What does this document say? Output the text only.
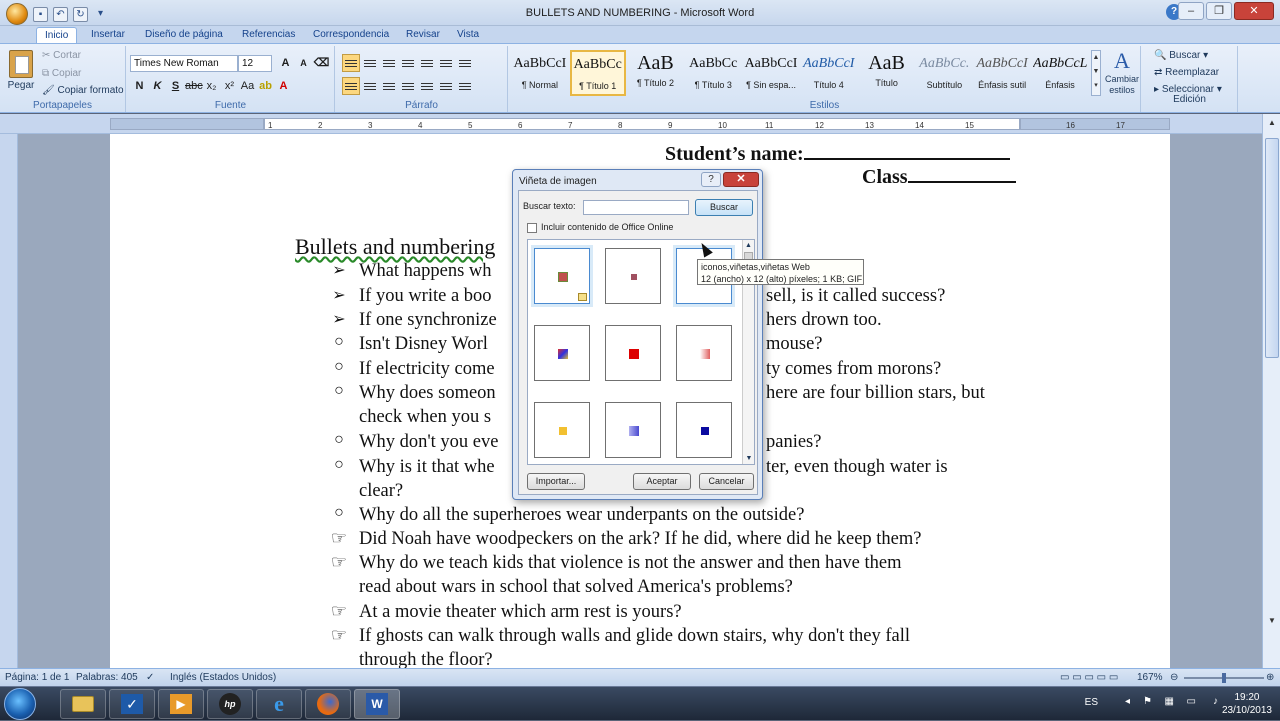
▪	↶	↻	▾	BULLETS AND NUMBERING - Microsoft Word	? –	❐	✕
Inicio	Insertar	Diseño de página	Referencias	Correspondencia	Revisar	Vista
Pegar
✂ Cortar
⧉ Copiar
🖌 Copiar formato
Portapapeles
Times New Roman	12	A	A ⌫
N K S abc x₂ x² Aa ab A
Fuente	Párrafo
AaBbCcI
¶ Normal
AaBbCc
¶ Título 1
AaB
¶ Título 2
AaBbCc
¶ Título 3
AaBbCcI
¶ Sin espa...
AaBbCcI
Título 4
AaB
Título
AaBbCc.
Subtítulo
AaBbCcI
Énfasis sutil
AaBbCcL
Énfasis
▲
▼
▾
A
Cambiar estilos
Estilos
🔍 Buscar ▾
⇄ Reemplazar
▸ Seleccionar ▾
Edición
1	2	3	4	5	6	7	8	9	10	11	12	13	14	15	16	17
Student’s name:
Class
Bullets and numbering
➢ What happens wh
➢ If you write a boo
➢ If one synchronize
○ Isn't Disney Worl
○ If electricity come
○ Why does someon
check when you s
○ Why don't you eve
○ Why is it that whe
clear?
○ Why do all the superheroes wear underpants on the outside?
☞ Did Noah have woodpeckers on the ark? If he did, where did he keep them?
☞ Why do we teach kids that violence is not the answer and then have them
read about wars in school that solved America's problems?
☞ At a movie theater which arm rest is yours?
☞ If ghosts can walk through walls and glide down stairs, why don't they fall
through the floor?
sell, is it called success?
hers drown too.
mouse?
ty comes from morons?
here are four billion stars, but
panies?
ter, even though water is
▲
▼
Viñeta de imagen	?	✕
Buscar texto:	Buscar
Incluir contenido de Office Online
▲
▼
Importar...	Aceptar	Cancelar
iconos,viñetas,viñetas Web
12 (ancho) x 12 (alto) píxeles; 1 KB; GIF
Página: 1 de 1 Palabras: 405 ✓ Inglés (Estados Unidos)	▭ ▭ ▭ ▭ ▭ 167% ⊖	⊕
✓	▶	hp e	W	ES	◂ ⚑ ▦ ▭ ♪	19:20
23/10/2013
